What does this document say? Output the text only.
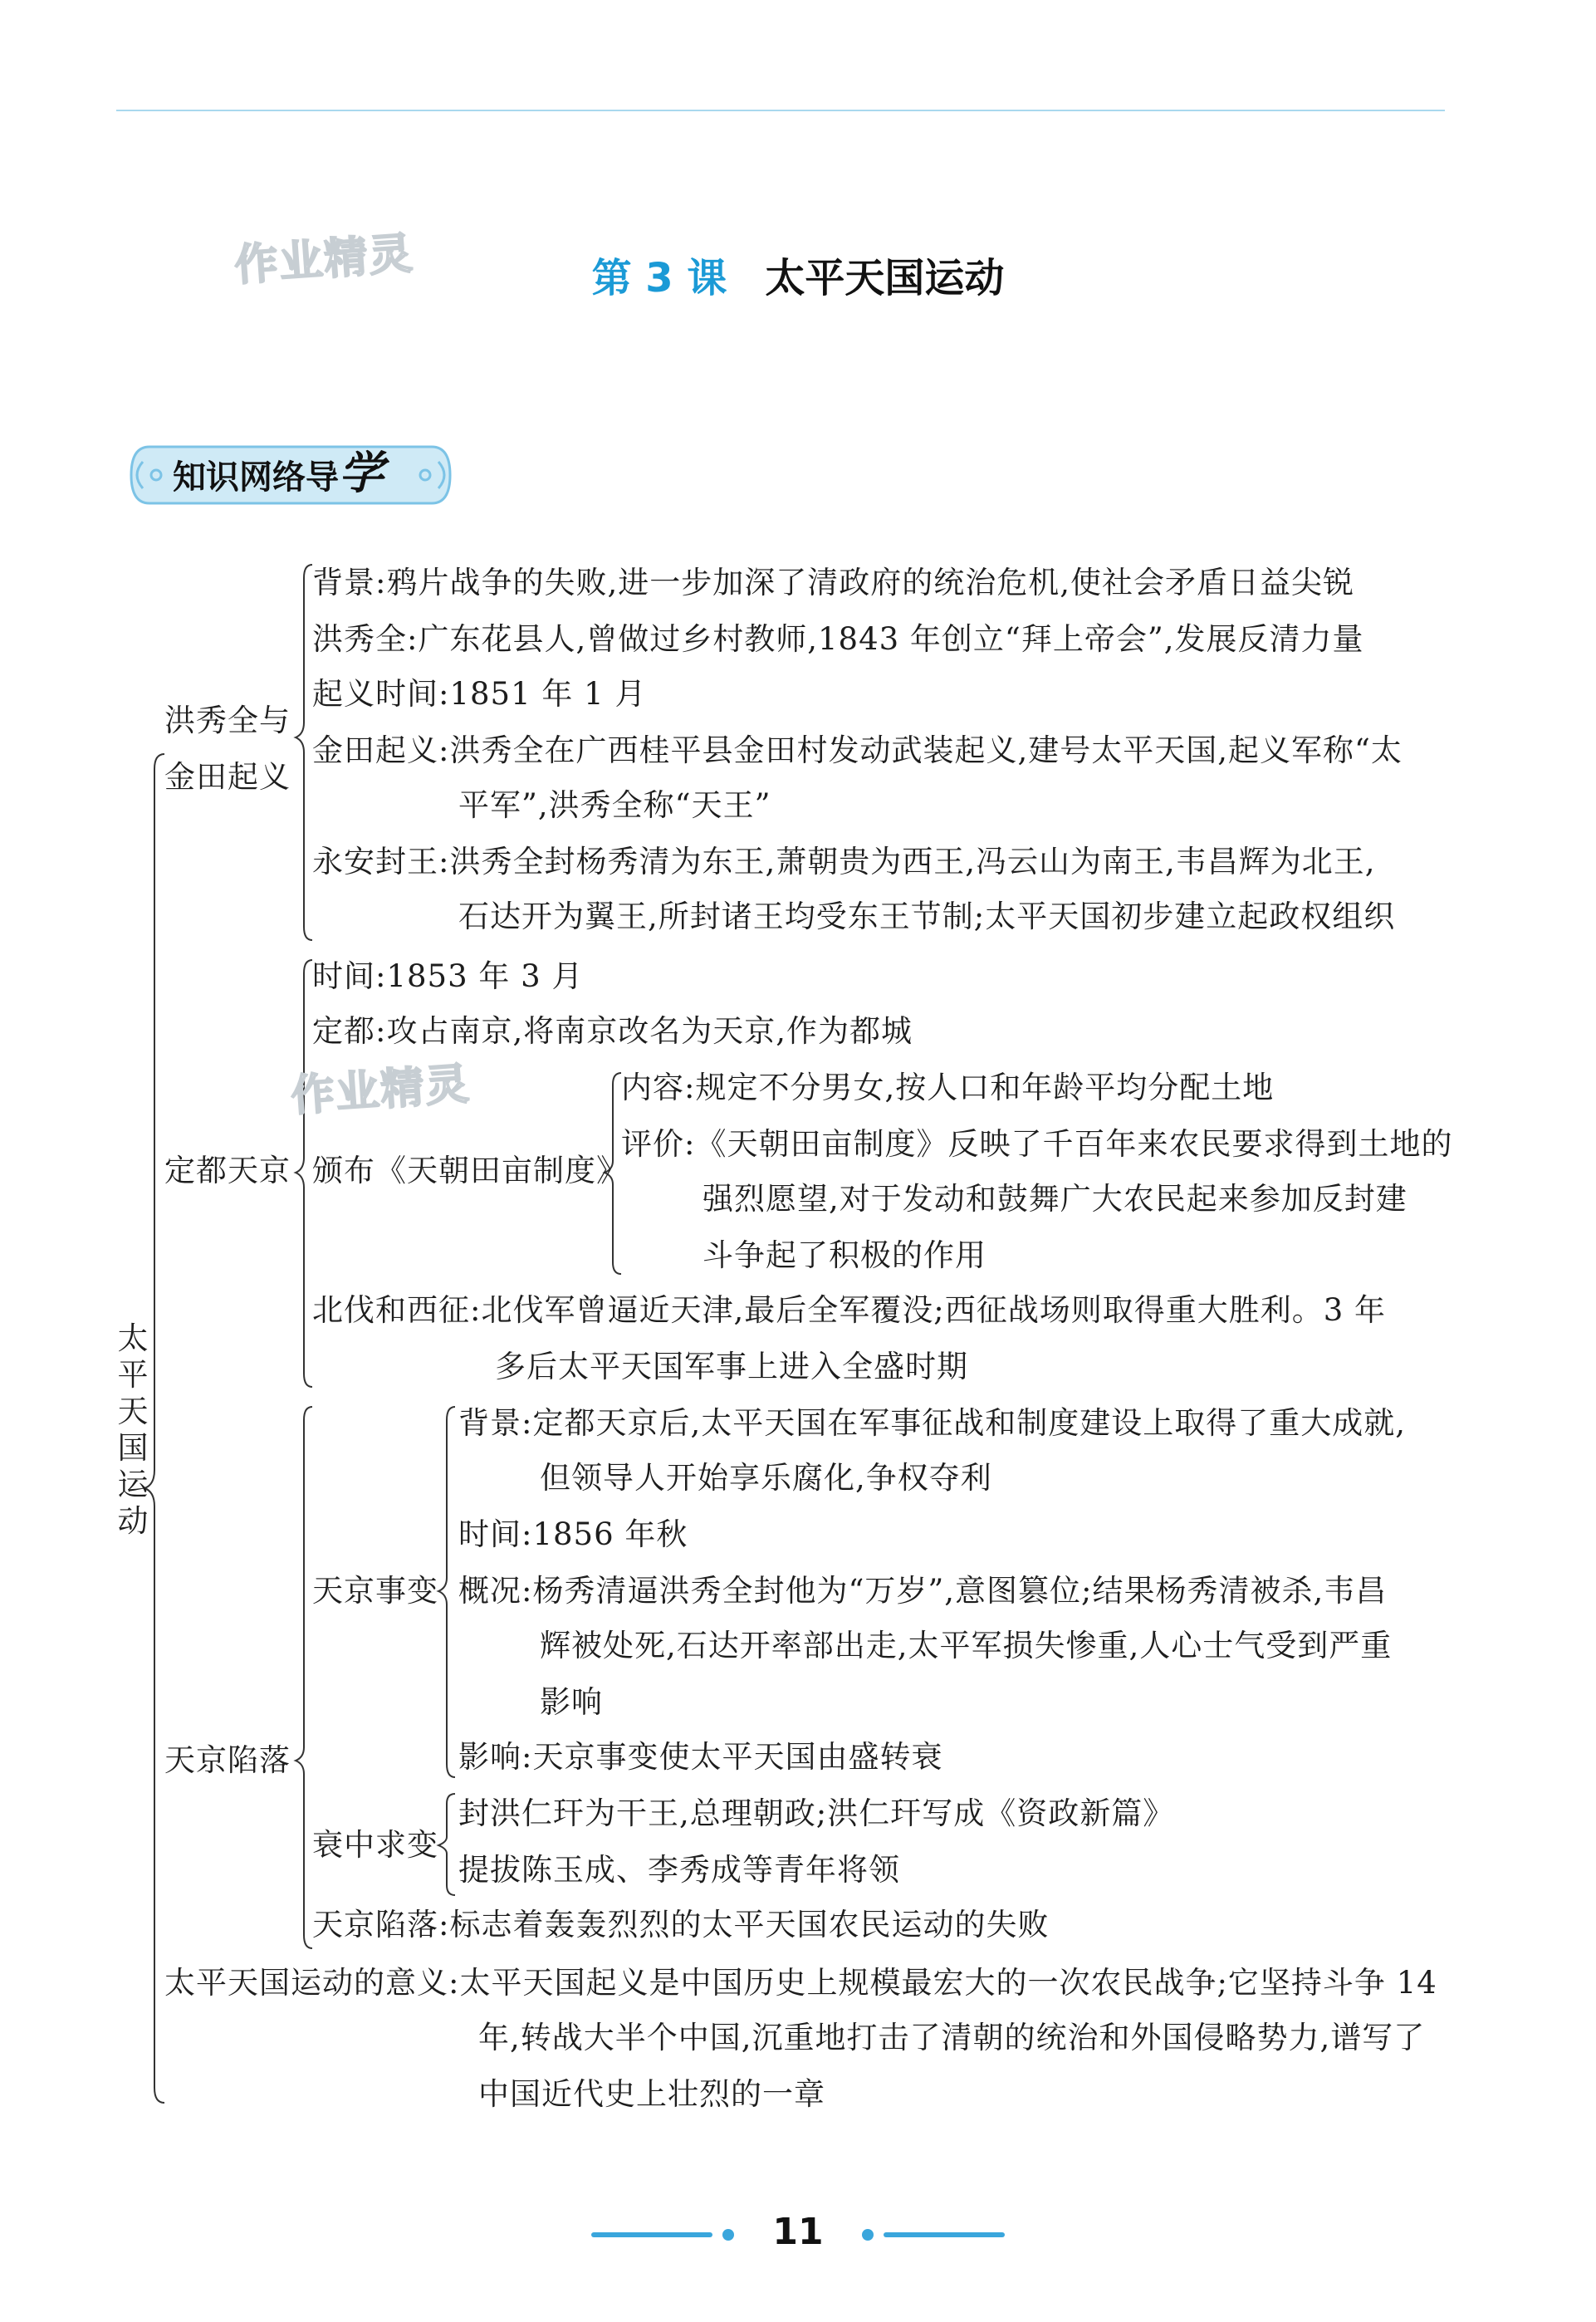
作业精灵	第 3 课 太平天国运动
知识网络导学
太
平
天
国
运
动
洪秀全与
金田起义
背景:鸦片战争的失败,进一步加深了清政府的统治危机,使社会矛盾日益尖锐
洪秀全:广东花县人,曾做过乡村教师,1843 年创立“拜上帝会”,发展反清力量
起义时间:1851 年 1 月
金田起义:洪秀全在广西桂平县金田村发动武装起义,建号太平天国,起义军称“太
平军”,洪秀全称“天王”
永安封王:洪秀全封杨秀清为东王,萧朝贵为西王,冯云山为南王,韦昌辉为北王,
石达开为翼王,所封诸王均受东王节制;太平天国初步建立起政权组织
定都天京
时间:1853 年 3 月
定都:攻占南京,将南京改名为天京,作为都城
颁布《天朝田亩制度》
内容:规定不分男女,按人口和年龄平均分配土地
评价:《天朝田亩制度》反映了千百年来农民要求得到土地的
强烈愿望,对于发动和鼓舞广大农民起来参加反封建
斗争起了积极的作用
北伐和西征:北伐军曾逼近天津,最后全军覆没;西征战场则取得重大胜利。3 年
多后太平天国军事上进入全盛时期
天京陷落
天京事变
背景:定都天京后,太平天国在军事征战和制度建设上取得了重大成就,
但领导人开始享乐腐化,争权夺利
时间:1856 年秋
概况:杨秀清逼洪秀全封他为“万岁”,意图篡位;结果杨秀清被杀,韦昌
辉被处死,石达开率部出走,太平军损失惨重,人心士气受到严重
影响
影响:天京事变使太平天国由盛转衰
衰中求变
封洪仁玕为干王,总理朝政;洪仁玕写成《资政新篇》
提拔陈玉成、李秀成等青年将领
天京陷落:标志着轰轰烈烈的太平天国农民运动的失败
太平天国运动的意义:太平天国起义是中国历史上规模最宏大的一次农民战争;它坚持斗争 14
年,转战大半个中国,沉重地打击了清朝的统治和外国侵略势力,谱写了
中国近代史上壮烈的一章
作业精灵
11
